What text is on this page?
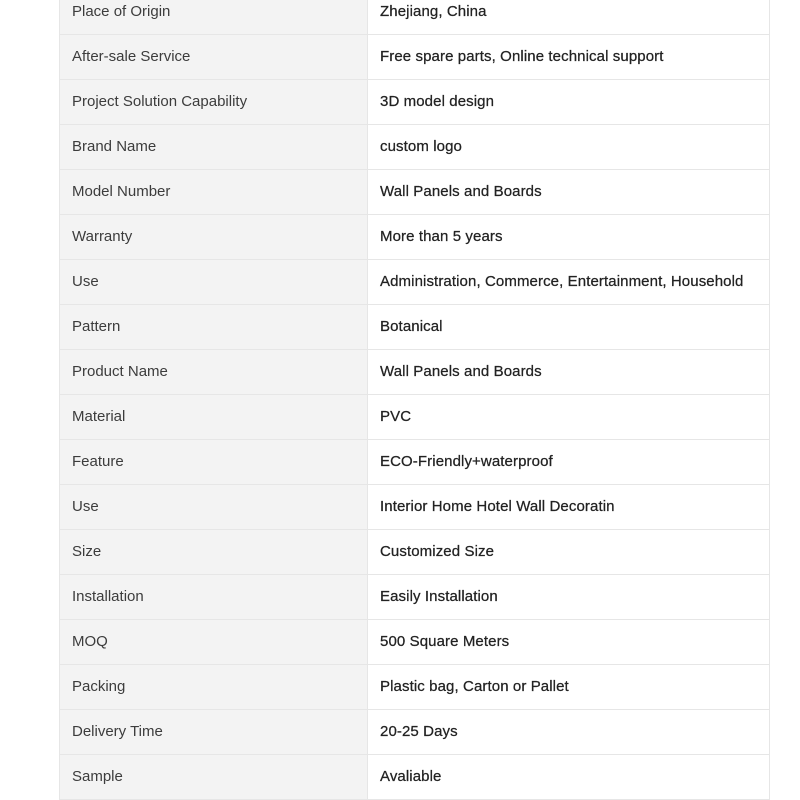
Place of Origin	Zhejiang, China
After-sale Service	Free spare parts, Online technical support
Project Solution Capability	3D model design
Brand Name	custom logo
Model Number	Wall Panels and Boards
Warranty	More than 5 years
Use	Administration, Commerce, Entertainment, Household
Pattern	Botanical
Product Name	Wall Panels and Boards
Material	PVC
Feature	ECO-Friendly+waterproof
Use	Interior Home Hotel Wall Decoratin
Size	Customized Size
Installation	Easily Installation
MOQ	500 Square Meters
Packing	Plastic bag, Carton or Pallet
Delivery Time	20-25 Days
Sample	Avaliable
